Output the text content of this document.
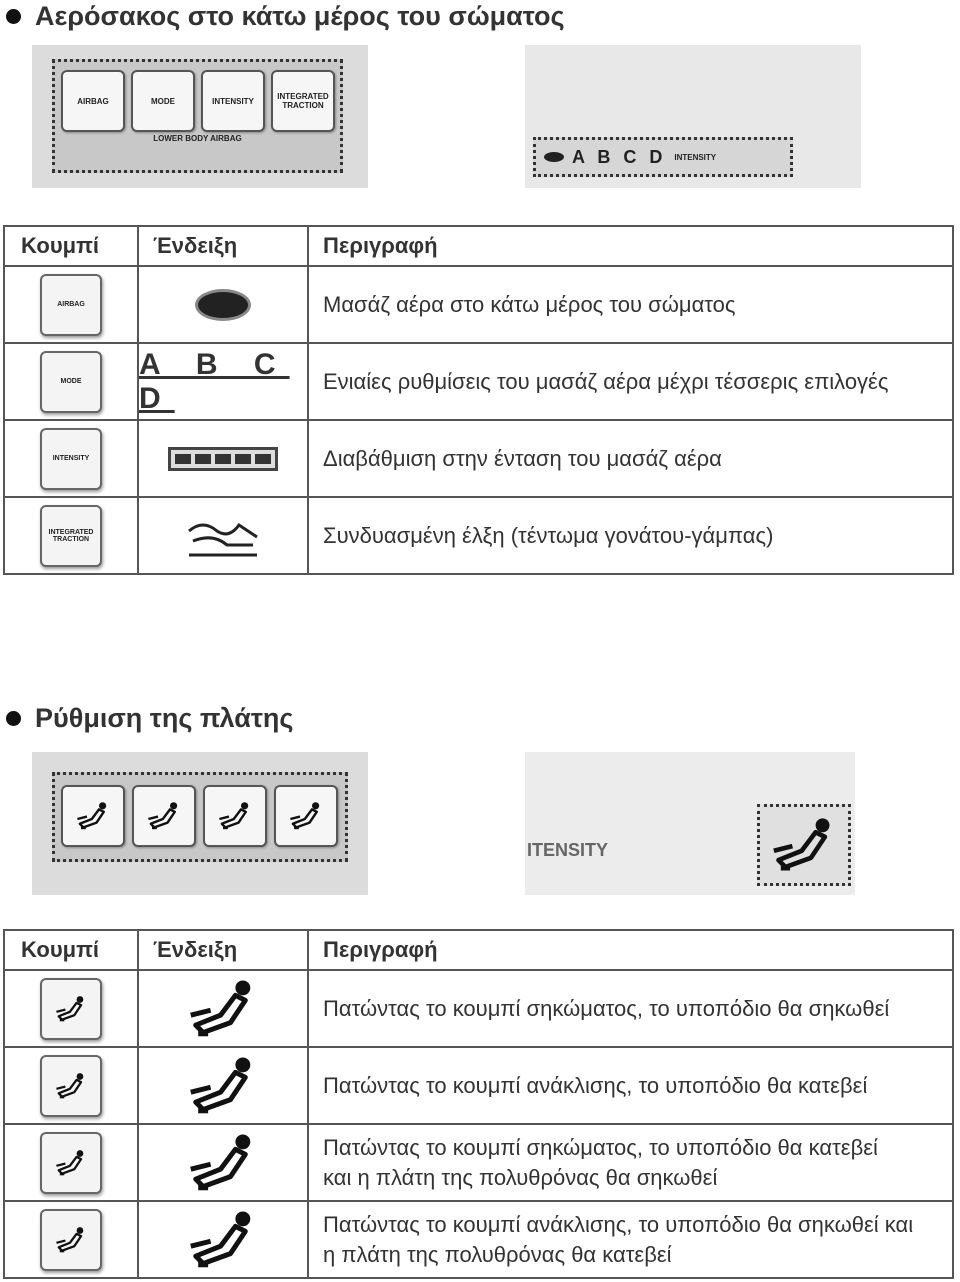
Αερόσακος στο κάτω μέρος του σώματος
AIRBAG	MODE	INTENSITY	INTEGRATED TRACTION
LOWER BODY AIRBAG
A B C D INTENSITY
Κουμπί	Ένδειξη	Περιγραφή

AIRBAG		Μασάζ αέρα στο κάτω μέρος του σώματος

MODE	A B C D	Ενιαίες ρυθμίσεις του μασάζ αέρα μέχρι τέσσερις επιλογές

INTENSITY		Διαβάθμιση στην ένταση του μασάζ αέρα

INTEGRATED TRACTION		Συνδυασμένη έλξη (τέντωμα γονάτου-γάμπας)
Ρύθμιση της πλάτης
ITENSITY
Κουμπί	Ένδειξη	Περιγραφή

Πατώντας το κουμπί σηκώματος, το υποπόδιο θα σηκωθεί

Πατώντας το κουμπί ανάκλισης, το υποπόδιο θα κατεβεί

Πατώντας το κουμπί σηκώματος, το υποπόδιο θα κατεβεί
και η πλάτη της πολυθρόνας θα σηκωθεί

Πατώντας το κουμπί ανάκλισης, το υποπόδιο θα σηκωθεί και
η πλάτη της πολυθρόνας θα κατεβεί
